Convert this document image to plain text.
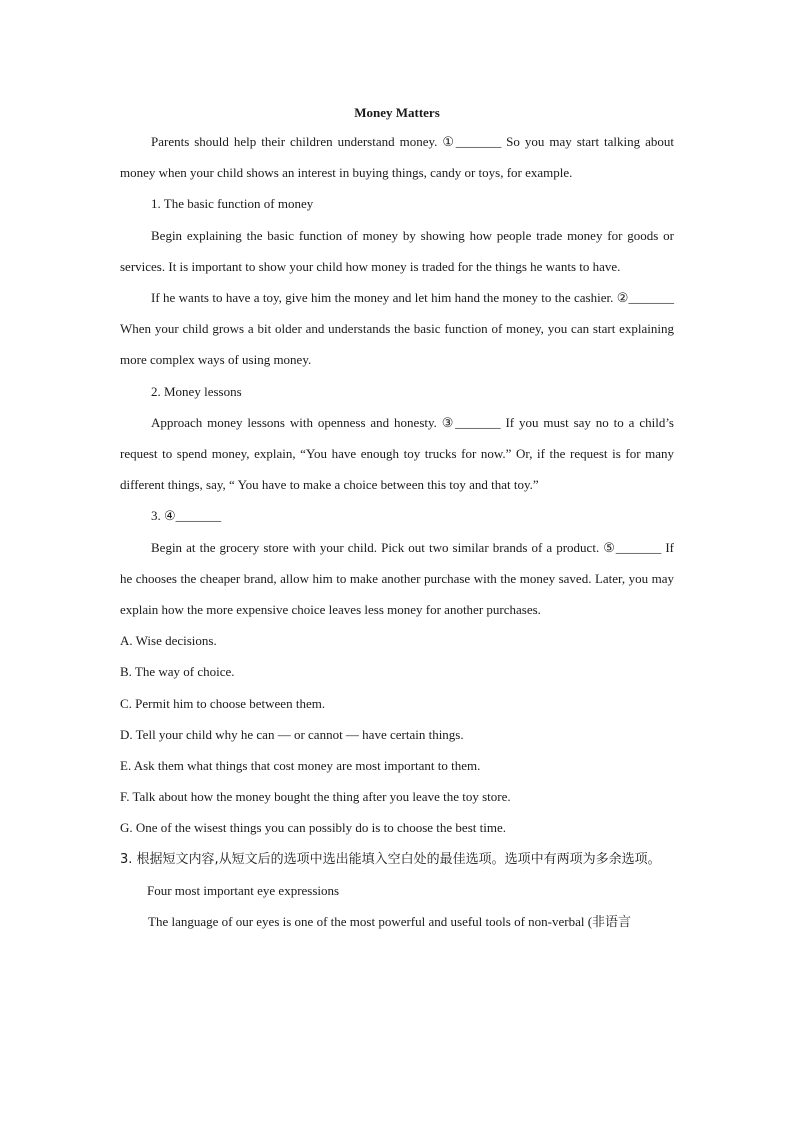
Money Matters

Parents should help their children understand money. ①_______ So you may start talking about money when your child shows an interest in buying things, candy or toys, for example.

1. The basic function of money

Begin explaining the basic function of money by showing how people trade money for goods or services. It is important to show your child how money is traded for the things he wants to have.

If he wants to have a toy, give him the money and let him hand the money to the cashier. ②_______ When your child grows a bit older and understands the basic function of money, you can start explaining more complex ways of using money.

2. Money lessons

Approach money lessons with openness and honesty. ③_______ If you must say no to a child’s request to spend money, explain, “You have enough toy trucks for now.” Or, if the request is for many different things, say, “ You have to make a choice between this toy and that toy.”

3. ④_______

Begin at the grocery store with your child. Pick out two similar brands of a product. ⑤_______ If he chooses the cheaper brand, allow him to make another purchase with the money saved. Later, you may explain how the more expensive choice leaves less money for another purchases.

A. Wise decisions.

B. The way of choice.

C. Permit him to choose between them.

D. Tell your child why he can — or cannot — have certain things.

E. Ask them what things that cost money are most important to them.

F. Talk about how the money bought the thing after you leave the toy store.

G. One of the wisest things you can possibly do is to choose the best time.

3. 根据短文内容,从短文后的选项中选出能填入空白处的最佳选项。选项中有两项为多余选项。

Four most important eye expressions

The language of our eyes is one of the most powerful and useful tools of non-verbal (非语言
